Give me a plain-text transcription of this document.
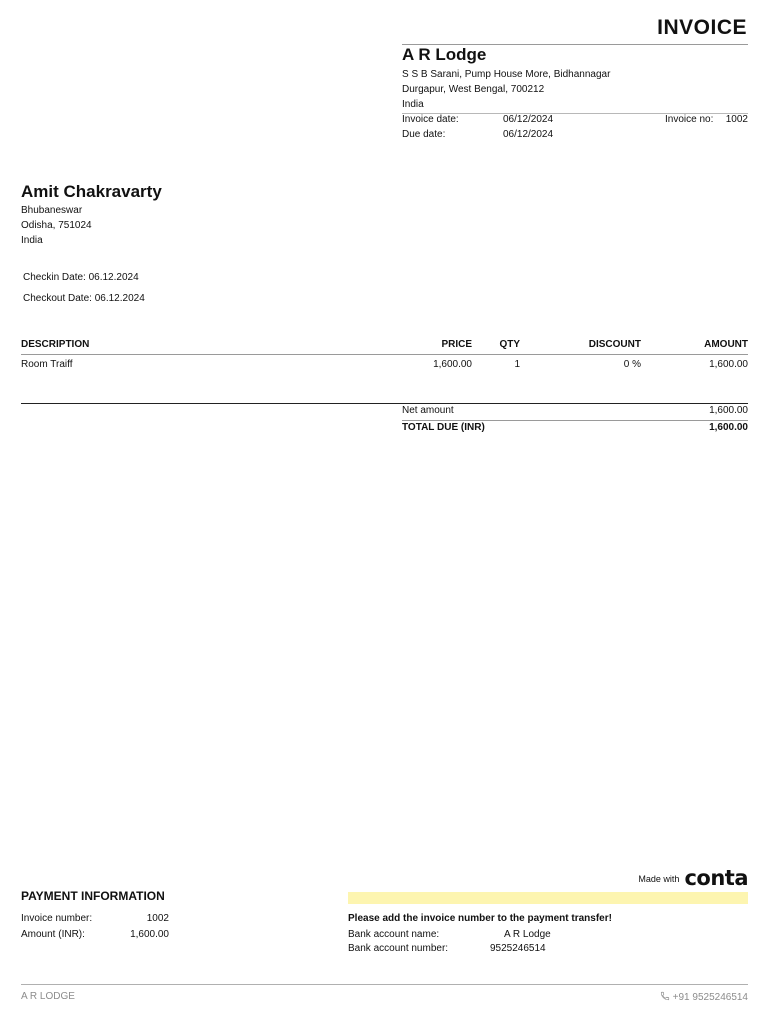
INVOICE
A R Lodge
S S B Sarani, Pump House More, Bidhannagar
Durgapur, West Bengal, 700212
India
Invoice date:	06/12/2024	Invoice no: 1002
Due date:	06/12/2024
Amit Chakravarty
Bhubaneswar
Odisha, 751024
India
Checkin Date: 06.12.2024
Checkout Date: 06.12.2024
DESCRIPTION	PRICE	QTY	DISCOUNT	AMOUNT
Room Traiff	1,600.00	1	0 %	1,600.00
Net amount	1,600.00
TOTAL DUE (INR)	1,600.00
Made with conta
PAYMENT INFORMATION
Invoice number:	1002
Amount (INR):	1,600.00
Please add the invoice number to the payment transfer!
Bank account name:	A R Lodge
Bank account number:	9525246514
A R LODGE	+91 9525246514
